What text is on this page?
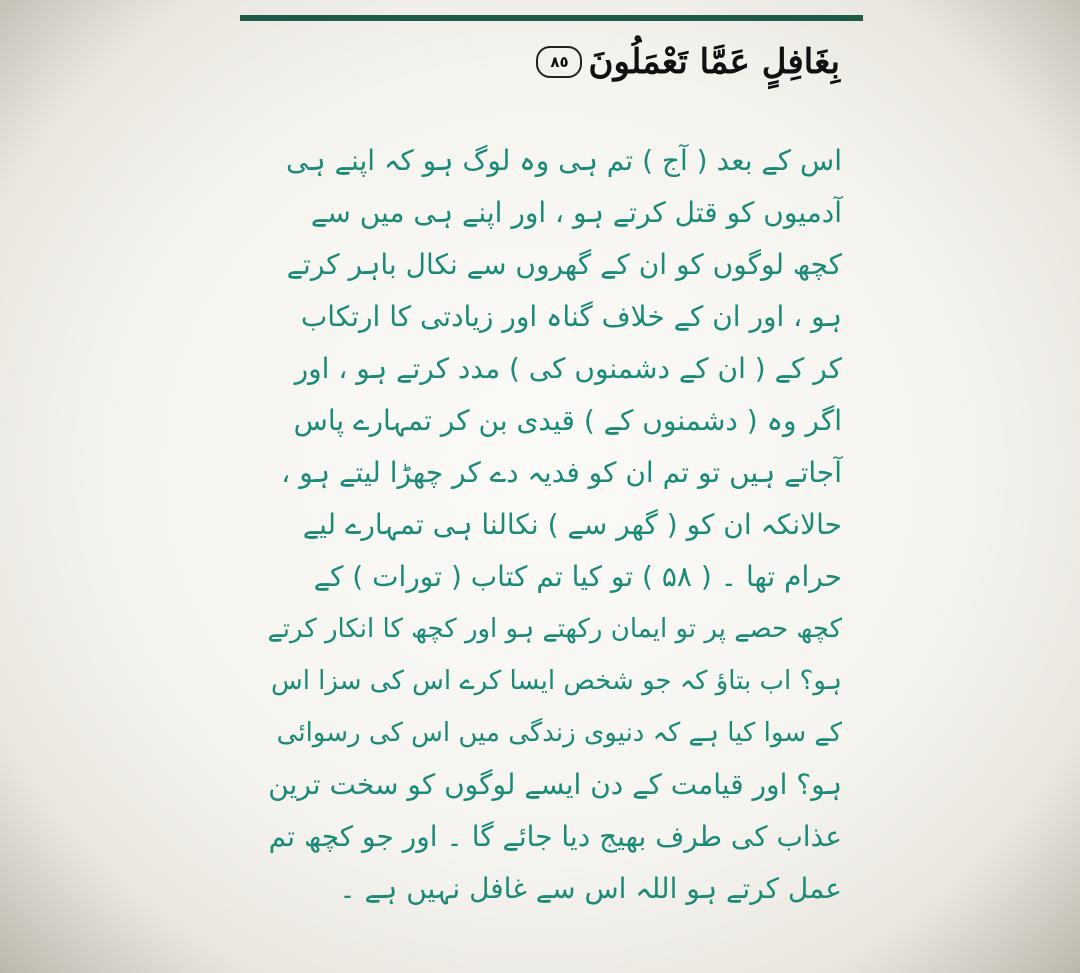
بِغَافِلٍ عَمَّا تَعْمَلُونَ
٨٥
اس کے بعد ( آج ) تم ہی وہ لوگ ہو کہ اپنے ہی
آدمیوں کو قتل کرتے ہو ، اور اپنے ہی میں سے
کچھ لوگوں کو ان کے گھروں سے نکال باہر کرتے
ہو ، اور ان کے خلاف گناہ اور زیادتی کا ارتکاب
کر کے ( ان کے دشمنوں کی ) مدد کرتے ہو ، اور
اگر وہ ( دشمنوں کے ) قیدی بن کر تمہارے پاس
آجاتے ہیں تو تم ان کو فدیہ دے کر چھڑا لیتے ہو ،
حالانکہ ان کو ( گھر سے ) نکالنا ہی تمہارے لیے
حرام تھا ۔ ( ۵۸ ) تو کیا تم کتاب ( تورات ) کے
کچھ حصے پر تو ایمان رکھتے ہو اور کچھ کا انکار کرتے
ہو؟ اب بتاؤ کہ جو شخص ایسا کرے اس کی سزا اس
کے سوا کیا ہے کہ دنیوی زندگی میں اس کی رسوائی
ہو؟ اور قیامت کے دن ایسے لوگوں کو سخت ترین
عذاب کی طرف بھیج دیا جائے گا ۔ اور جو کچھ تم
عمل کرتے ہو اللہ اس سے غافل نہیں ہے ۔
